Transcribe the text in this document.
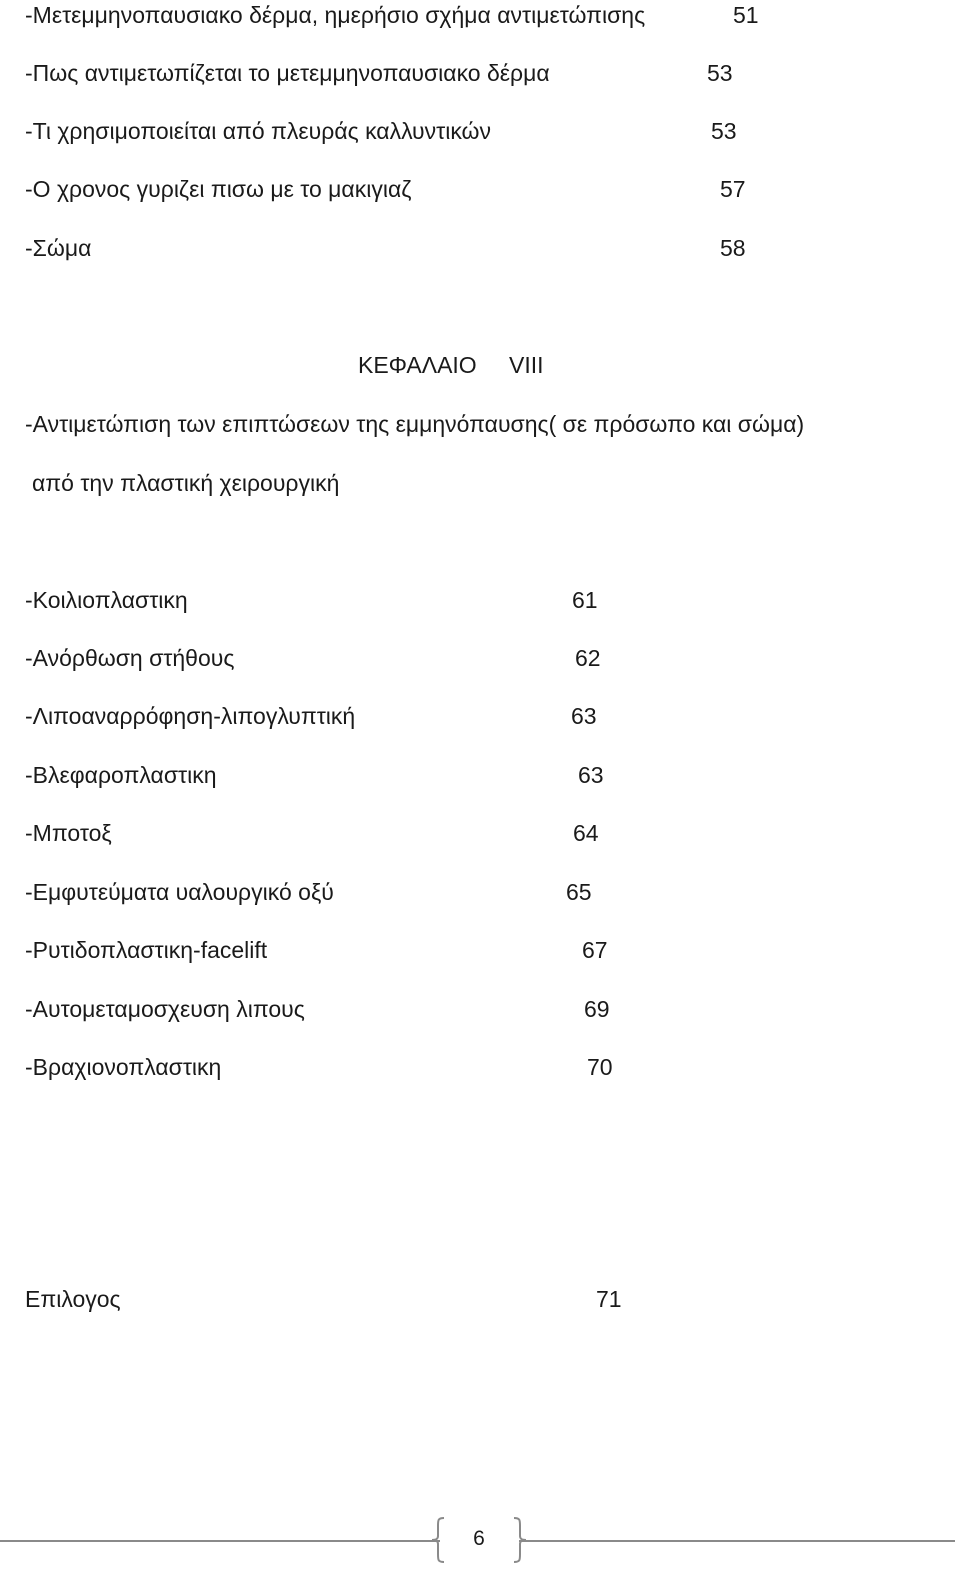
-Μετεμμηνοπαυσιακο δέρμα, ημερήσιο σχήμα αντιμετώπισης	51
-Πως αντιμετωπίζεται το μετεμμηνοπαυσιακο δέρμα	53
-Τι χρησιμοποιείται από πλευράς καλλυντικών	53
-Ο χρονος γυριζει πισω με το μακιγιαζ	57
-Σώμα	58
ΚΕΦΑΛΑΙΟ VIII
-Αντιμετώπιση των επιπτώσεων της εμμηνόπαυσης( σε πρόσωπο και σώμα)
από την πλαστική χειρουργική
-Κοιλιοπλαστικη	61
-Ανόρθωση στήθους	62
-Λιποαναρρόφηση-λιπογλυπτική	63
-Βλεφαροπλαστικη	63
-Μποτοξ	64
-Εμφυτεύματα υαλουργικό οξύ	65
-Ρυτιδοπλαστικη-facelift	67
-Αυτομεταμοσχευση λιπους	69
-Βραχιονοπλαστικη	70
Επιλογος	71
6
